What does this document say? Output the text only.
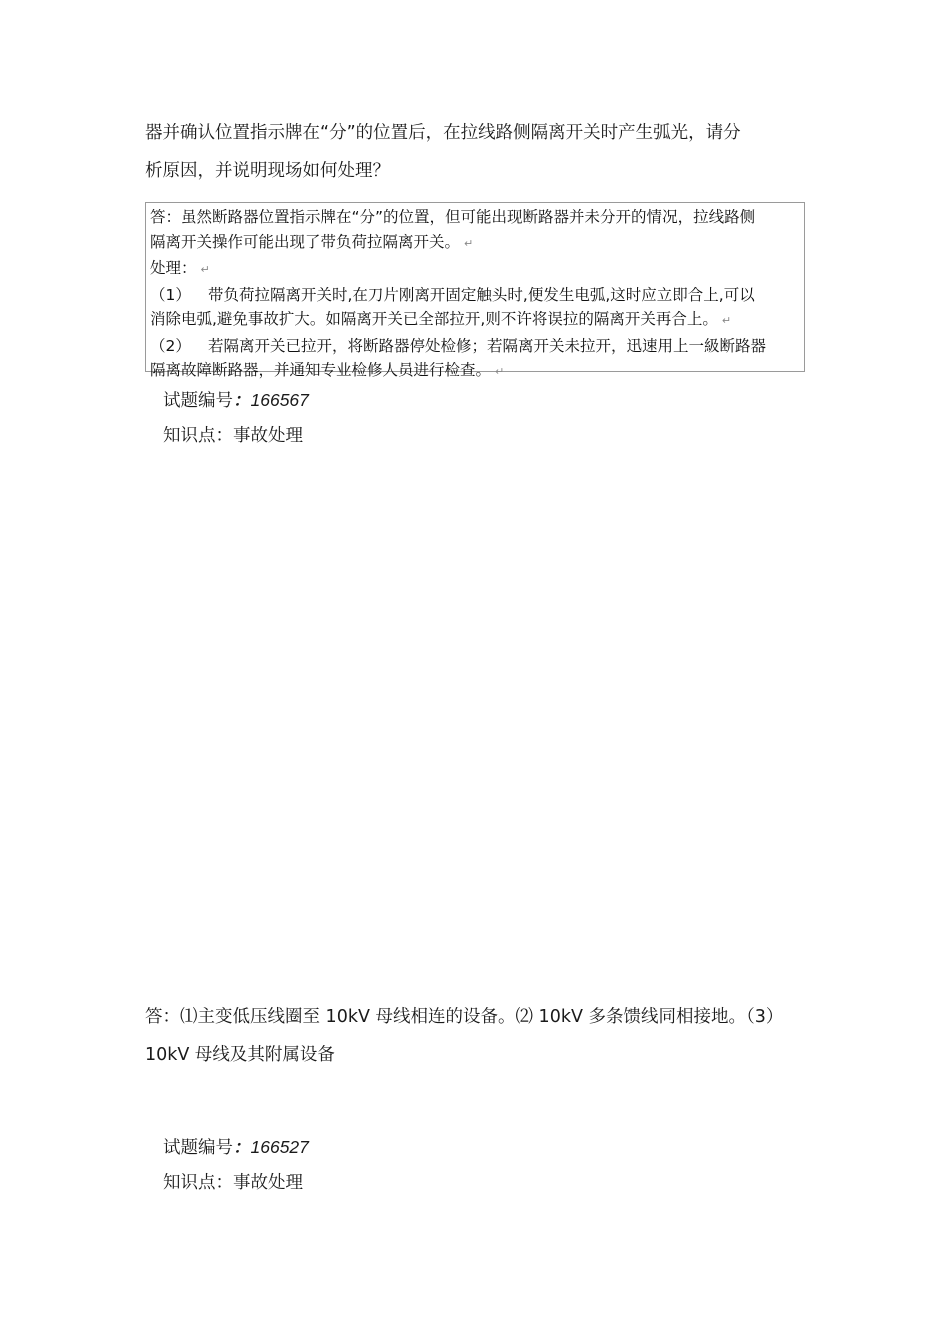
器并确认位置指示牌在“分”的位置后，在拉线路侧隔离开关时产生弧光，请分
析原因，并说明现场如何处理？
答：虽然断路器位置指示牌在“分”的位置，但可能出现断路器并未分开的情况，拉线路侧
隔离开关操作可能出现了带负荷拉隔离开关。 ↵
处理： ↵
（1） 带负荷拉隔离开关时,在刀片刚离开固定触头时,便发生电弧,这时应立即合上,可以
消除电弧,避免事故扩大。如隔离开关已全部拉开,则不许将误拉的隔离开关再合上。 ↵
（2） 若隔离开关已拉开，将断路器停处检修；若隔离开关未拉开，迅速用上一級断路器
隔离故障断路器，并通知专业检修人员进行检查。 ↵
试题编号：166567
知识点：事故处理
答：⑴主变低压线圈至 10kV 母线相连的设备。⑵ 10kV 多条馈线同相接地。（3）
10kV 母线及其附属设备
试题编号：166527
知识点：事故处理
